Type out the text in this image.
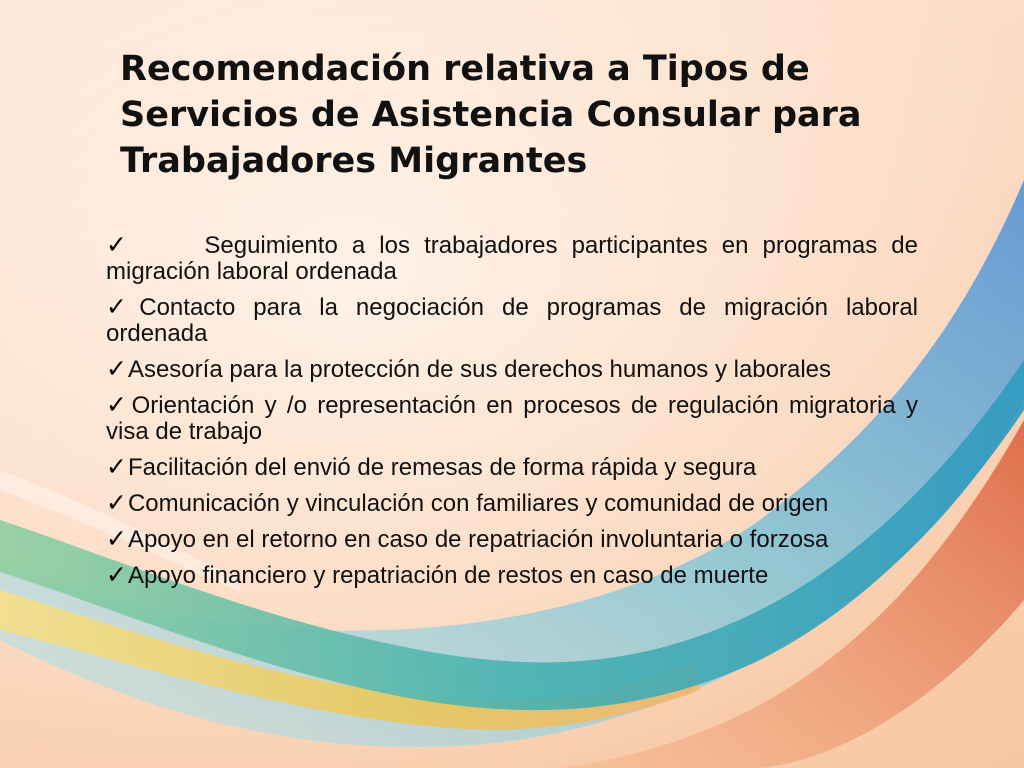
Recomendación relativa a Tipos de Servicios de Asistencia Consular para Trabajadores Migrantes
✓	Seguimiento a los trabajadores participantes en programas de migración laboral ordenada
✓Contacto para la negociación de programas de migración laboral ordenada
✓Asesoría para la protección de sus derechos humanos y laborales
✓Orientación y /o representación en procesos de regulación migratoria y visa de trabajo
✓Facilitación del envió de remesas de forma rápida y segura
✓Comunicación y vinculación con familiares y comunidad de origen
✓Apoyo en el retorno en caso de repatriación involuntaria o forzosa
✓Apoyo financiero y repatriación de restos en caso de muerte
